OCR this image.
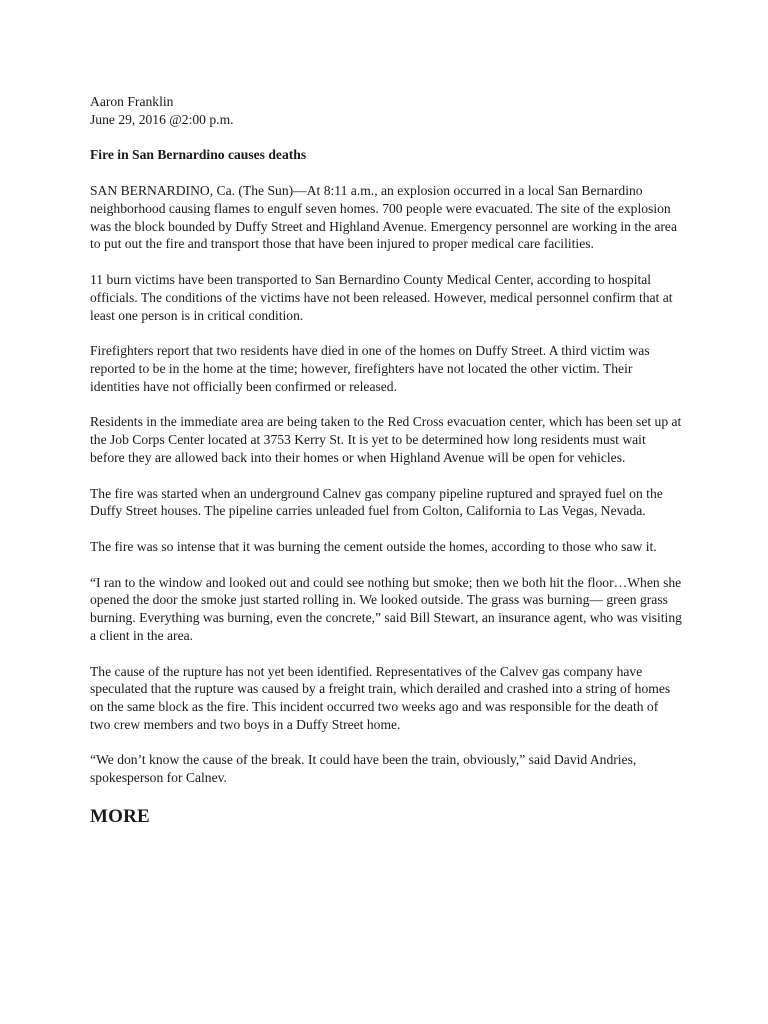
Aaron Franklin
June 29, 2016 @2:00 p.m.

Fire in San Bernardino causes deaths

SAN BERNARDINO, Ca. (The Sun)—At 8:11 a.m., an explosion occurred in a local San Bernardino neighborhood causing flames to engulf seven homes. 700 people were evacuated. The site of the explosion was the block bounded by Duffy Street and Highland Avenue. Emergency personnel are working in the area to put out the fire and transport those that have been injured to proper medical care facilities.

11 burn victims have been transported to San Bernardino County Medical Center, according to hospital officials. The conditions of the victims have not been released. However, medical personnel confirm that at least one person is in critical condition.

Firefighters report that two residents have died in one of the homes on Duffy Street. A third victim was reported to be in the home at the time; however, firefighters have not located the other victim. Their identities have not officially been confirmed or released.

Residents in the immediate area are being taken to the Red Cross evacuation center, which has been set up at the Job Corps Center located at 3753 Kerry St. It is yet to be determined how long residents must wait before they are allowed back into their homes or when Highland Avenue will be open for vehicles.

The fire was started when an underground Calnev gas company pipeline ruptured and sprayed fuel on the Duffy Street houses. The pipeline carries unleaded fuel from Colton, California to Las Vegas, Nevada.

The fire was so intense that it was burning the cement outside the homes, according to those who saw it.

“I ran to the window and looked out and could see nothing but smoke; then we both hit the floor…When she opened the door the smoke just started rolling in. We looked outside. The grass was burning— green grass burning. Everything was burning, even the concrete,” said Bill Stewart, an insurance agent, who was visiting a client in the area.

The cause of the rupture has not yet been identified. Representatives of the Calvev gas company have speculated that the rupture was caused by a freight train, which derailed and crashed into a string of homes on the same block as the fire. This incident occurred two weeks ago and was responsible for the death of two crew members and two boys in a Duffy Street home.

“We don’t know the cause of the break. It could have been the train, obviously,” said David Andries, spokesperson for Calnev.

MORE
